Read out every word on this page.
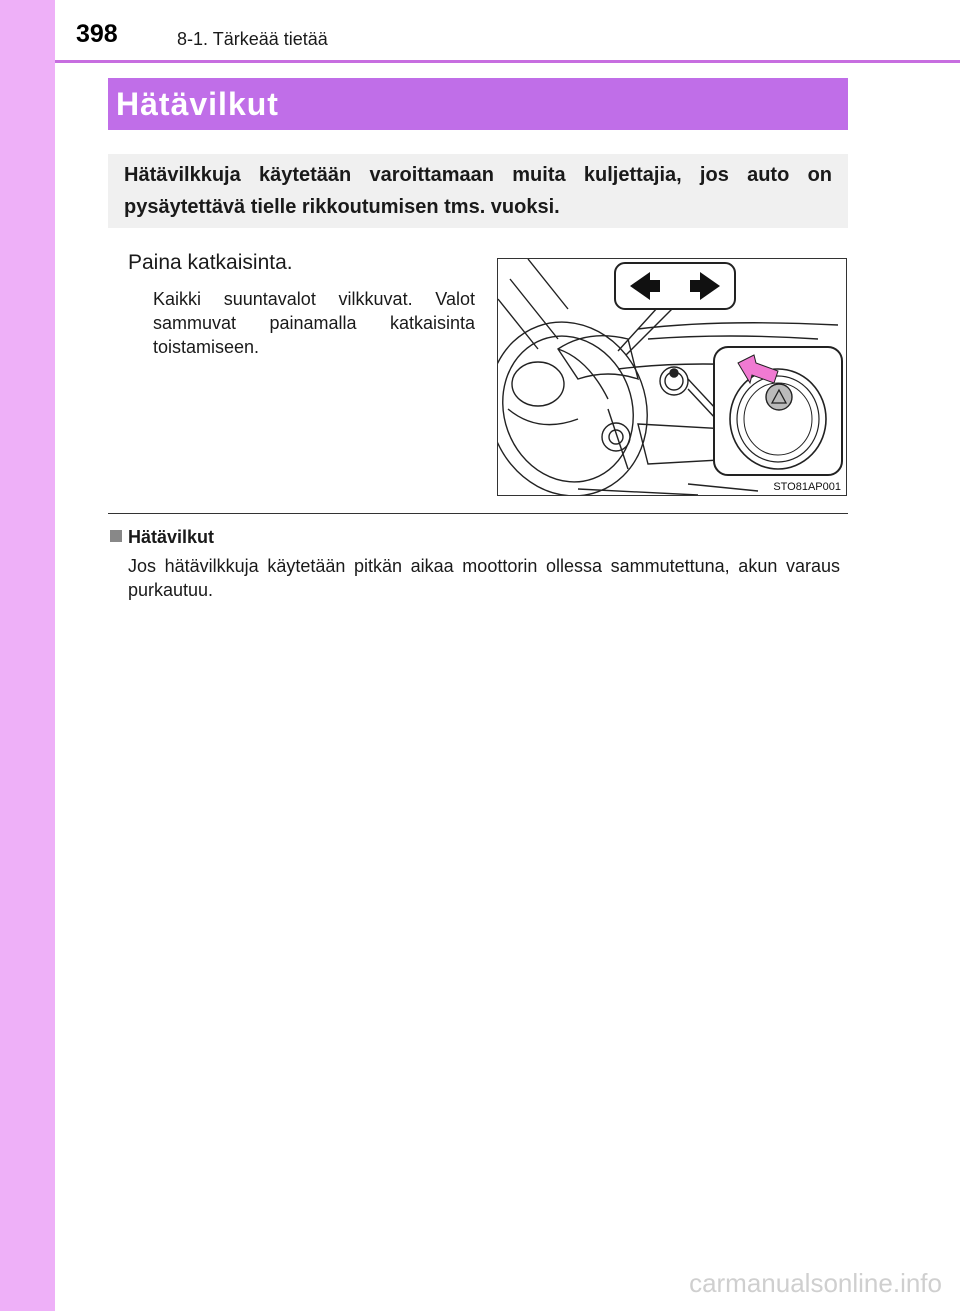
398	8-1. Tärkeää tietää
Hätävilkut
Hätävilkkuja käytetään varoittamaan muita kuljettajia, jos auto on pysäytettävä tielle rikkoutumisen tms. vuoksi.
Paina katkaisinta.
Kaikki suuntavalot vilkkuvat. Valot sammuvat painamalla katkaisinta toistamiseen.
STO81AP001
Hätävilkut
Jos hätävilkkuja käytetään pitkän aikaa moottorin ollessa sammutettuna, akun varaus purkautuu.
carmanualsonline.info
